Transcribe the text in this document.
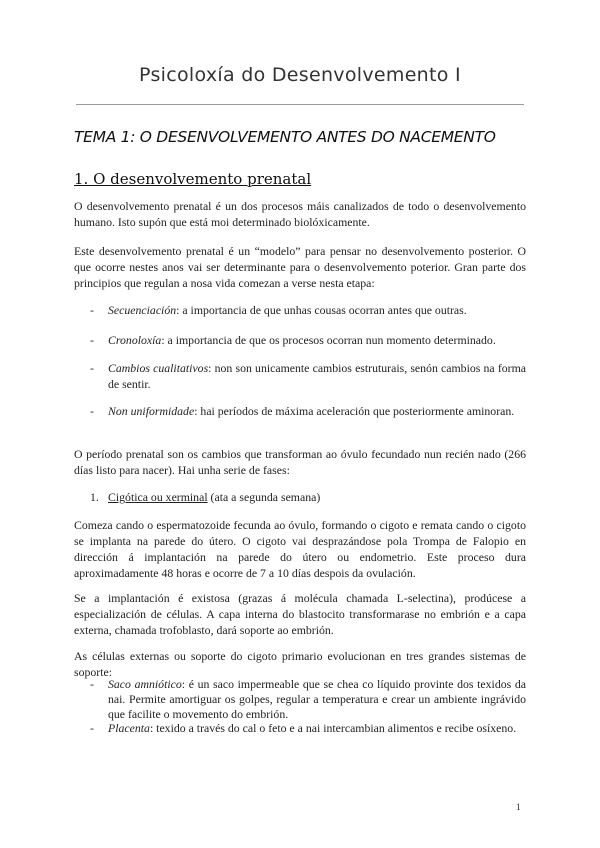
Psicoloxía do Desenvolvemento I
TEMA 1: O DESENVOLVEMENTO ANTES DO NACEMENTO
1. O desenvolvemento prenatal
O desenvolvemento prenatal é un dos procesos máis canalizados de todo o desenvolvemento humano. Isto supón que está moi determinado biolóxicamente.
Este desenvolvemento prenatal é un “modelo” para pensar no desenvolvemento posterior. O que ocorre nestes anos vai ser determinante para o desenvolvemento poterior. Gran parte dos principios que regulan a nosa vida comezan a verse nesta etapa:
- Secuenciación: a importancia de que unhas cousas ocorran antes que outras.
- Cronoloxía: a importancia de que os procesos ocorran nun momento determinado.
- Cambios cualitativos: non son unicamente cambios estruturais, senón cambios na forma de sentir.
- Non uniformidade: hai períodos de máxima aceleración que posteriormente aminoran.
O período prenatal son os cambios que transforman ao óvulo fecundado nun recién nado (266 días listo para nacer). Hai unha serie de fases:
1. Cigótica ou xerminal (ata a segunda semana)
Comeza cando o espermatozoide fecunda ao óvulo, formando o cigoto e remata cando o cigoto se implanta na parede do útero. O cigoto vai desprazándose pola Trompa de Falopio en dirección á implantación na parede do útero ou endometrio. Este proceso dura aproximadamente 48 horas e ocorre de 7 a 10 días despois da ovulación.
Se a implantación é existosa (grazas á molécula chamada L-selectina), prodúcese a especialización de células. A capa interna do blastocito transformarase no embrión e a capa externa, chamada trofoblasto, dará soporte ao embrión.
As células externas ou soporte do cigoto primario evolucionan en tres grandes sistemas de soporte:
- Saco amniótico: é un saco impermeable que se chea co líquido provinte dos texidos da nai. Permite amortiguar os golpes, regular a temperatura e crear un ambiente ingrávido que facilite o movemento do embrión.
- Placenta: texido a través do cal o feto e a nai intercambian alimentos e recibe osíxeno.
1
